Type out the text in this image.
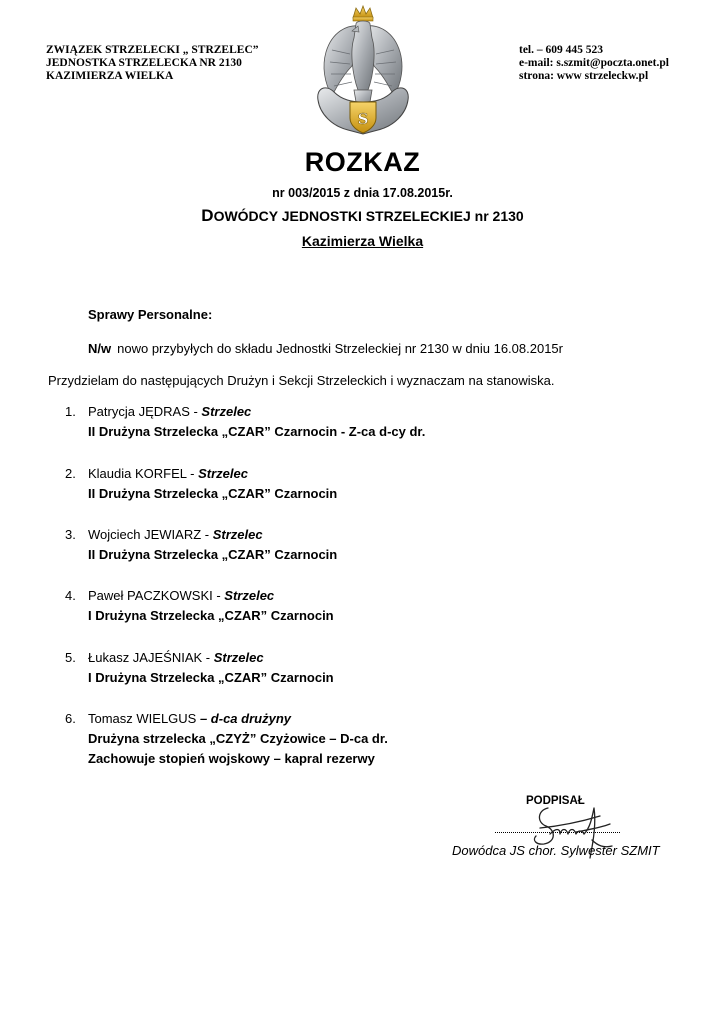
ZWIĄZEK STRZELECKI „ STRZELEC”
JEDNOSTKA STRZELECKA NR 2130
KAZIMIERZA WIELKA
tel. – 609 445 523
e-mail: s.szmit@poczta.onet.pl
strona: www strzeleckw.pl
S
ROZKAZ
nr 003/2015 z dnia 17.08.2015r.
DOWÓDCY JEDNOSTKI STRZELECKIEJ nr 2130
Kazimierza Wielka
Sprawy Personalne:
N/w nowo przybyłych do składu Jednostki Strzeleckiej nr 2130 w dniu 16.08.2015r
Przydzielam do następujących Drużyn i Sekcji Strzeleckich i wyznaczam na stanowiska.
1. Patrycja JĘDRAS - Strzelec
II Drużyna Strzelecka „CZAR” Czarnocin - Z-ca d-cy dr.
2. Klaudia KORFEL - Strzelec
II Drużyna Strzelecka „CZAR” Czarnocin
3. Wojciech JEWIARZ - Strzelec
II Drużyna Strzelecka „CZAR” Czarnocin
4. Paweł PACZKOWSKI - Strzelec
I Drużyna Strzelecka „CZAR” Czarnocin
5. Łukasz JAJEŚNIAK - Strzelec
I Drużyna Strzelecka „CZAR” Czarnocin
6. Tomasz WIELGUS – d-ca drużyny
Drużyna strzelecka „CZYŻ” Czyżowice – D-ca dr.
Zachowuje stopień wojskowy – kapral rezerwy
PODPISAŁ
Dowódca JS chor. Sylwester SZMIT
